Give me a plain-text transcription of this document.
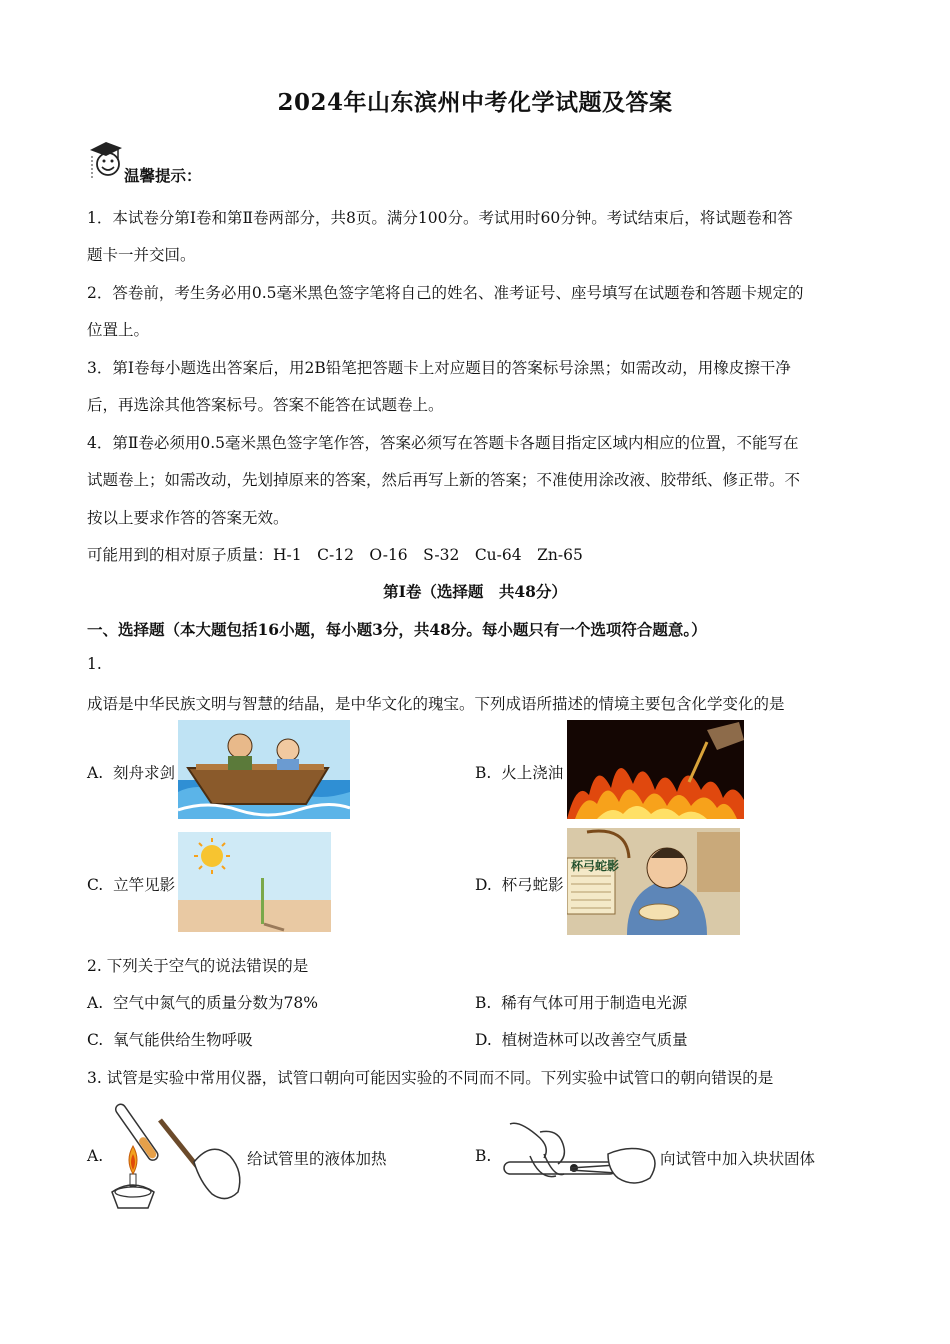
2024年山东滨州中考化学试题及答案
温馨提示：
1．本试卷分第Ⅰ卷和第Ⅱ卷两部分，共8页。满分100分。考试用时60分钟。考试结束后，将试题卷和答
题卡一并交回。
2．答卷前，考生务必用0.5毫米黑色签字笔将自己的姓名、准考证号、座号填写在试题卷和答题卡规定的
位置上。
3．第Ⅰ卷每小题选出答案后，用2B铅笔把答题卡上对应题目的答案标号涂黑；如需改动，用橡皮擦干净
后，再选涂其他答案标号。答案不能答在试题卷上。
4．第Ⅱ卷必须用0.5毫米黑色签字笔作答，答案必须写在答题卡各题目指定区域内相应的位置，不能写在
试题卷上；如需改动，先划掉原来的答案，然后再写上新的答案；不准使用涂改液、胶带纸、修正带。不
按以上要求作答的答案无效。
可能用到的相对原子质量：H-1　C-12　O-16　S-32　Cu-64　Zn-65
第Ⅰ卷（选择题　共48分）
一、选择题（本大题包括16小题，每小题3分，共48分。每小题只有一个选项符合题意。）
1.
成语是中华民族文明与智慧的结晶，是中华文化的瑰宝。下列成语所描述的情境主要包含化学变化的是
A. 刻舟求剑	B. 火上浇油
C. 立竿见影	D. 杯弓蛇影
杯弓蛇影
2. 下列关于空气的说法错误的是
A. 空气中氮气的质量分数为78%	B. 稀有气体可用于制造电光源
C. 氧气能供给生物呼吸	D. 植树造林可以改善空气质量
3. 试管是实验中常用仪器，试管口朝向可能因实验的不同而不同。下列实验中试管口的朝向错误的是
A.	给试管里的液体加热	B.	向试管中加入块状固体
